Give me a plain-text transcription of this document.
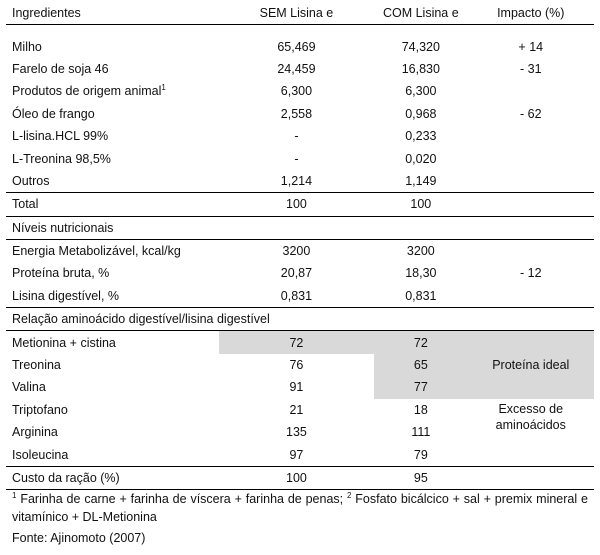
Ingredientes	SEM Lisina e	COM Lisina e	Impacto (%)

Milho	65,469	74,320	+ 14
Farelo de soja 46	24,459	16,830	- 31
Produtos de origem animal$^1$	6,300	6,300	
Óleo de frango	2,558	0,968	- 62
L-lisina.HCL 99%	-	0,233	
L-Treonina 98,5%	-	0,020	
Outros	1,214	1,149	
Total	100	100	
Níveis nutricionais			
Energia Metabolizável, kcal/kg	3200	3200	
Proteína bruta, %	20,87	18,30	- 12
Lisina digestível, %	0,831	0,831	
Relação aminoácido digestível/lisina digestível			
Metionina + cistina	72	72	Proteína ideal
Treonina	76	65	
Valina	91	77	
Triptofano	21	18	Excesso de
aminoácidos

Arginina	135	111	
Isoleucina	97	79	
Custo da ração (%)	100	95	
$^1$ Farinha de carne + farinha de víscera + farinha de penas; $^2$ Fosfato bicálcico + sal + premix mineral e vitamínico + DL-Metionina
Fonte: Ajinomoto (2007)
